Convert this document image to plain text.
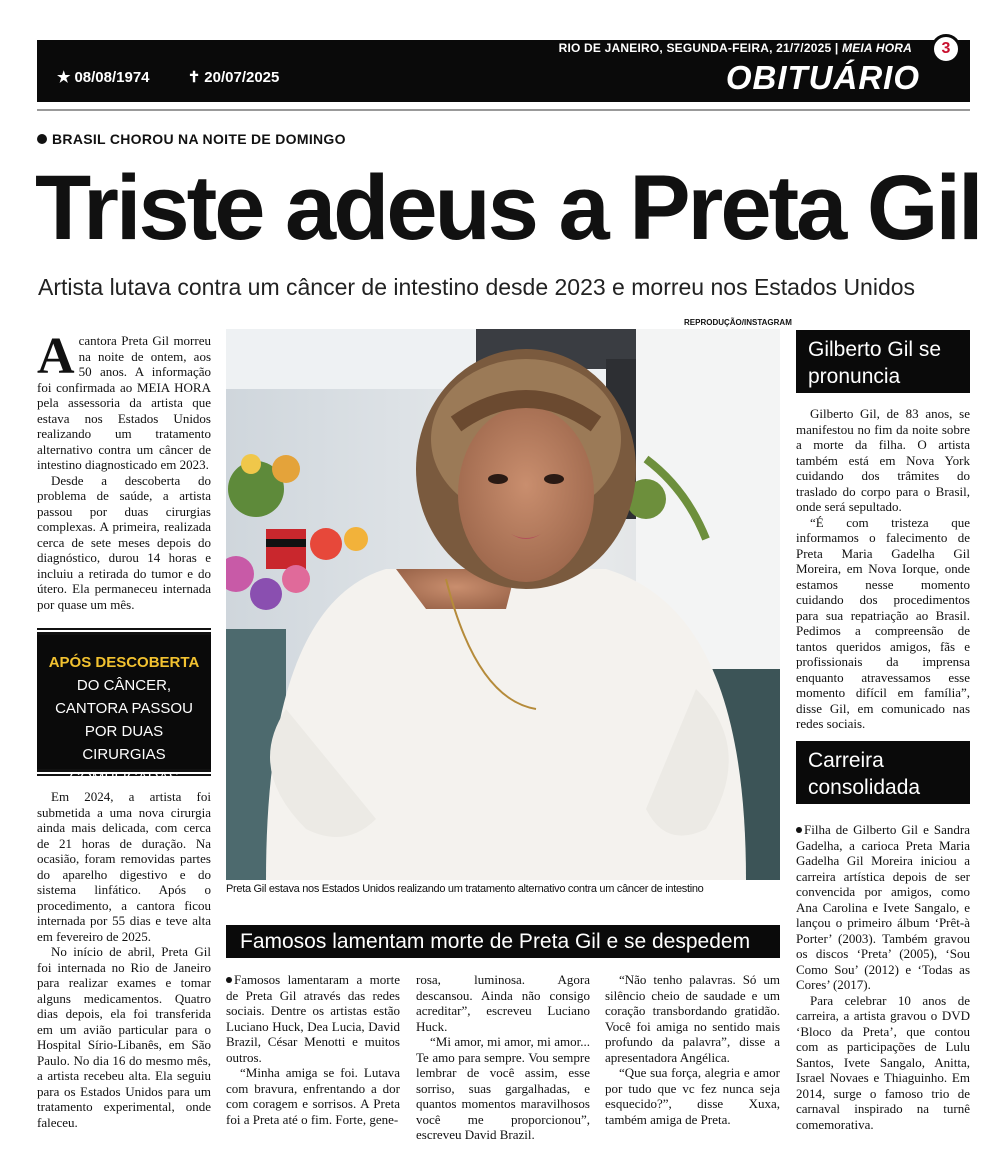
RIO DE JANEIRO, SEGUNDA-FEIRA, 21/7/2025 | MEIA HORA	3
★ 08/08/1974	✝ 20/07/2025	OBITUÁRIO
BRASIL CHOROU NA NOITE DE DOMINGO
Triste adeus a Preta Gil
Artista lutava contra um câncer de intestino desde 2023 e morreu nos Estados Unidos
REPRODUÇÃO/INSTAGRAM
A cantora Preta Gil morreu na noite de ontem, aos 50 anos. A informação foi confirmada ao MEIA HORA pela assessoria da artista que estava nos Estados Unidos realizando um tratamento alternativo contra um câncer de intestino diagnosticado em 2023.

Desde a descoberta do problema de saúde, a artista passou por duas cirurgias complexas. A primeira, realizada cerca de sete meses depois do diagnóstico, durou 14 horas e incluiu a retirada do tumor e do útero. Ela permaneceu internada por quase um mês.

APÓS DESCOBERTA
DO CÂNCER, CANTORA PASSOU POR DUAS CIRURGIAS COMPLICADAS

Em 2024, a artista foi submetida a uma nova cirurgia ainda mais delicada, com cerca de 21 horas de duração. Na ocasião, foram removidas partes do aparelho digestivo e do sistema linfático. Após o procedimento, a cantora ficou internada por 55 dias e teve alta em fevereiro de 2025.

No início de abril, Preta Gil foi internada no Rio de Janeiro para realizar exames e tomar alguns medicamentos. Quatro dias depois, ela foi transferida em um avião particular para o Hospital Sírio-Libanês, em São Paulo. No dia 16 do mesmo mês, a artista recebeu alta. Ela seguiu para os Estados Unidos para um tratamento experimental, onde faleceu.

Preta Gil estava nos Estados Unidos realizando um tratamento alternativo contra um câncer de intestino
Gilberto Gil se pronuncia

Gilberto Gil, de 83 anos, se manifestou no fim da noite sobre a morte da filha. O artista também está em Nova York cuidando dos trâmites do traslado do corpo para o Brasil, onde será sepultado.

“É com tristeza que informamos o falecimento de Preta Maria Gadelha Gil Moreira, em Nova Iorque, onde estamos nesse momento cuidando dos procedimentos para sua repatriação ao Brasil. Pedimos a compreensão de tantos queridos amigos, fãs e profissionais da imprensa enquanto atravessamos esse momento difícil em família”, disse Gil, em comunicado nas redes sociais.

Carreira consolidada

Filha de Gilberto Gil e Sandra Gadelha, a carioca Preta Maria Gadelha Gil Moreira iniciou a carreira artística depois de ser convencida por amigos, como Ana Carolina e Ivete Sangalo, e lançou o primeiro álbum ‘Prêt-à Porter’ (2003). Também gravou os discos ‘Preta’ (2005), ‘Sou Como Sou’ (2012) e ‘Todas as Cores’ (2017).

Para celebrar 10 anos de carreira, a artista gravou o DVD ‘Bloco da Preta’, que contou com as participações de Lulu Santos, Ivete Sangalo, Anitta, Israel Novaes e Thiaguinho. Em 2014, surge o famoso trio de carnaval inspirado na turnê comemorativa.

Famosos lamentam morte de Preta Gil e se despedem

Famosos lamentaram a morte de Preta Gil através das redes sociais. Dentre os artistas estão Luciano Huck, Dea Lucia, David Brazil, César Menotti e muitos outros.

“Minha amiga se foi. Lutava com bravura, enfrentando a dor com coragem e sorrisos. A Preta foi a Preta até o fim. Forte, gene-

rosa, luminosa. Agora descansou. Ainda não consigo acreditar”, escreveu Luciano Huck.

“Mi amor, mi amor, mi amor... Te amo para sempre. Vou sempre lembrar de você assim, esse sorriso, suas gargalhadas, e quantos momentos maravilhosos você me proporcionou”, escreveu David Brazil.

“Não tenho palavras. Só um silêncio cheio de saudade e um coração transbordando gratidão. Você foi amiga no sentido mais profundo da palavra”, disse a apresentadora Angélica.

“Que sua força, alegria e amor por tudo que vc fez nunca seja esquecido?”, disse Xuxa, também amiga de Preta.
